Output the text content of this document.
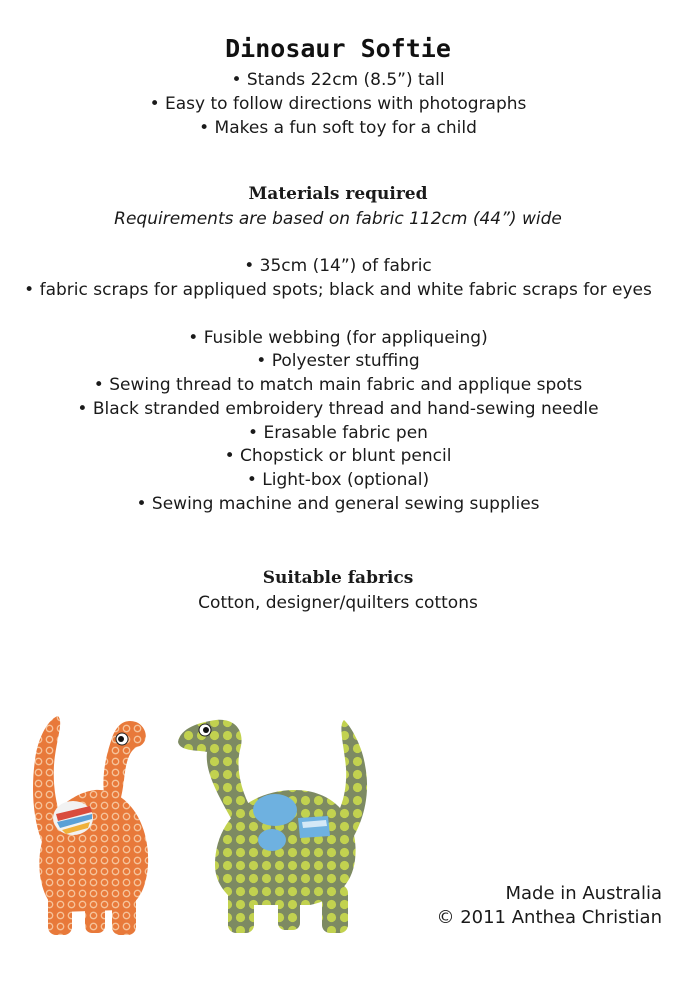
Dinosaur Softie
• Stands 22cm (8.5”) tall
• Easy to follow directions with photographs
• Makes a fun soft toy for a child
Materials required
Requirements are based on fabric 112cm (44”) wide
• 35cm (14”) of fabric
• fabric scraps for appliqued spots; black and white fabric scraps for eyes
• Fusible webbing (for appliqueing)
• Polyester stuffing
• Sewing thread to match main fabric and applique spots
• Black stranded embroidery thread and hand-sewing needle
• Erasable fabric pen
• Chopstick or blunt pencil
• Light-box (optional)
• Sewing machine and general sewing supplies
Suitable fabrics
Cotton, designer/quilters cottons
Made in Australia
© 2011 Anthea Christian
